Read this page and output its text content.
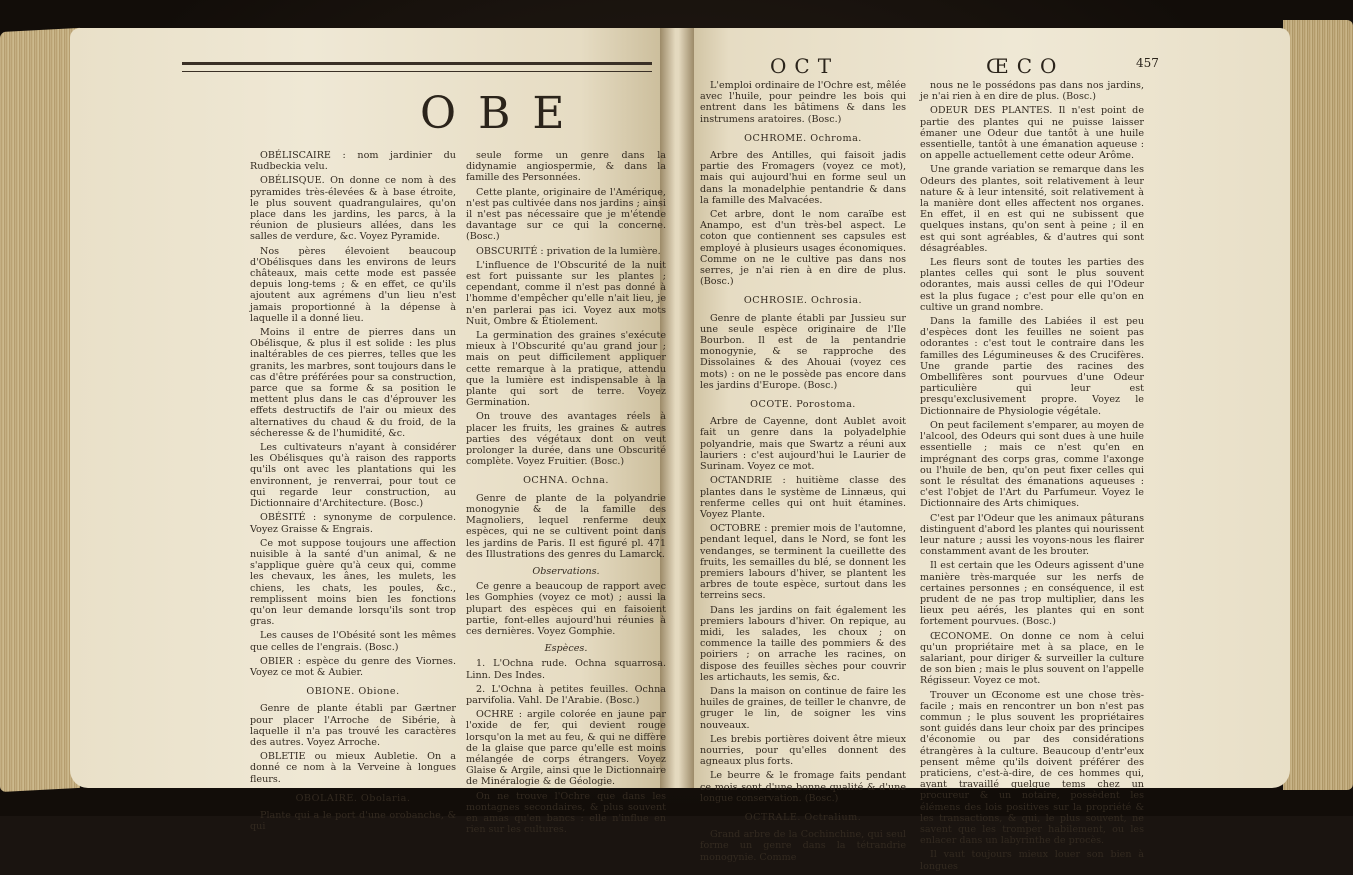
OBE

OBÉLISCAIRE : nom jardinier du Rudbeckia velu.

OBÉLISQUE. On donne ce nom à des pyramides très-élevées & à base étroite, le plus souvent quadrangulaires, qu'on place dans les jardins, les parcs, à la réunion de plusieurs allées, dans les salles de verdure, &c. Voyez Pyramide.

Nos pères élevoient beaucoup d'Obélisques dans les environs de leurs châteaux, mais cette mode est passée depuis long-tems ; & en effet, ce qu'ils ajoutent aux agrémens d'un lieu n'est jamais proportionné à la dépense à laquelle il a donné lieu.

Moins il entre de pierres dans un Obélisque, & plus il est solide : les plus inaltérables de ces pierres, telles que les granits, les marbres, sont toujours dans le cas d'être préférées pour sa construction, parce que sa forme & sa position le mettent plus dans le cas d'éprouver les effets destructifs de l'air ou mieux des alternatives du chaud & du froid, de la sécheresse & de l'humidité, &c.

Les cultivateurs n'ayant à considérer les Obélisques qu'à raison des rapports qu'ils ont avec les plantations qui les environnent, je renverrai, pour tout ce qui regarde leur construction, au Dictionnaire d'Architecture. (Bosc.)

OBÉSITÉ : synonyme de corpulence. Voyez Graisse & Engrais.

Ce mot suppose toujours une affection nuisible à la santé d'un animal, & ne s'applique guère qu'à ceux qui, comme les chevaux, les ânes, les mulets, les chiens, les chats, les poules, &c., remplissent moins bien les fonctions qu'on leur demande lorsqu'ils sont trop gras.

Les causes de l'Obésité sont les mêmes que celles de l'engrais. (Bosc.)

OBIER : espèce du genre des Viornes. Voyez ce mot & Aubier.

OBIONE. Obione.

Genre de plante établi par Gærtner pour placer l'Arroche de Sibérie, à laquelle il n'a pas trouvé les caractères des autres. Voyez Arroche.

OBLETIE ou mieux Aubletie. On a donné ce nom à la Verveine à longues fleurs.

OBOLAIRE. Obolaria.

Plante qui a le port d'une orobanche, & qui

seule forme un genre dans la didynamie angiospermie, & dans la famille des Personnées.

Cette plante, originaire de l'Amérique, n'est pas cultivée dans nos jardins ; ainsi il n'est pas nécessaire que je m'étende davantage sur ce qui la concerne. (Bosc.)

OBSCURITÉ : privation de la lumière.

L'influence de l'Obscurité de la nuit est fort puissante sur les plantes ; cependant, comme il n'est pas donné à l'homme d'empêcher qu'elle n'ait lieu, je n'en parlerai pas ici. Voyez aux mots Nuit, Ombre & Étiolement.

La germination des graines s'exécute mieux à l'Obscurité qu'au grand jour ; mais on peut difficilement appliquer cette remarque à la pratique, attendu que la lumière est indispensable à la plante qui sort de terre. Voyez Germination.

On trouve des avantages réels à placer les fruits, les graines & autres parties des végétaux dont on veut prolonger la durée, dans une Obscurité complète. Voyez Fruitier. (Bosc.)

OCHNA. Ochna.

Genre de plante de la polyandrie monogynie & de la famille des Magnoliers, lequel renferme deux espèces, qui ne se cultivent point dans les jardins de Paris. Il est figuré pl. 471 des Illustrations des genres du Lamarck.

Observations.

Ce genre a beaucoup de rapport avec les Gomphies (voyez ce mot) ; aussi la plupart des espèces qui en faisoient partie, font-elles aujourd'hui réunies à ces dernières. Voyez Gomphie.

Espèces.

1. L'Ochna rude. Ochna squarrosa. Linn. Des Indes.

2. L'Ochna à petites feuilles. Ochna parvifolia. Vahl. De l'Arabie. (Bosc.)

OCHRE : argile colorée en jaune par l'oxide de fer, qui devient rouge lorsqu'on la met au feu, & qui ne diffère de la glaise que parce qu'elle est moins mélangée de corps étrangers. Voyez Glaise & Argile, ainsi que le Dictionnaire de Minéralogie & de Géologie.

On ne trouve l'Ochre que dans les montagnes secondaires, & plus souvent en amas qu'en bancs : elle n'influe en rien sur les cultures.

OCT	ŒCO	457

L'emploi ordinaire de l'Ochre est, mêlée avec l'huile, pour peindre les bois qui entrent dans les bâtimens & dans les instrumens aratoires. (Bosc.)

OCHROME. Ochroma.

Arbre des Antilles, qui faisoit jadis partie des Fromagers (voyez ce mot), mais qui aujourd'hui en forme seul un dans la monadelphie pentandrie & dans la famille des Malvacées.

Cet arbre, dont le nom caraïbe est Anampo, est d'un très-bel aspect. Le coton que contiennent ses capsules est employé à plusieurs usages économiques. Comme on ne le cultive pas dans nos serres, je n'ai rien à en dire de plus. (Bosc.)

OCHROSIE. Ochrosia.

Genre de plante établi par Jussieu sur une seule espèce originaire de l'Ile Bourbon. Il est de la pentandrie monogynie, & se rapproche des Dissolaines & des Ahouai (voyez ces mots) : on ne le possède pas encore dans les jardins d'Europe. (Bosc.)

OCOTE. Porostoma.

Arbre de Cayenne, dont Aublet avoit fait un genre dans la polyadelphie polyandrie, mais que Swartz a réuni aux lauriers : c'est aujourd'hui le Laurier de Surinam. Voyez ce mot.

OCTANDRIE : huitième classe des plantes dans le système de Linnæus, qui renferme celles qui ont huit étamines. Voyez Plante.

OCTOBRE : premier mois de l'automne, pendant lequel, dans le Nord, se font les vendanges, se terminent la cueillette des fruits, les semailles du blé, se donnent les premiers labours d'hiver, se plantent les arbres de toute espèce, surtout dans les terreins secs.

Dans les jardins on fait également les premiers labours d'hiver. On repique, au midi, les salades, les choux ; on commence la taille des pommiers & des poiriers ; on arrache les racines, on dispose des feuilles sèches pour couvrir les artichauts, les semis, &c.

Dans la maison on continue de faire les huiles de graines, de teiller le chanvre, de gruger le lin, de soigner les vins nouveaux.

Les brebis portières doivent être mieux nourries, pour qu'elles donnent des agneaux plus forts.

Le beurre & le fromage faits pendant ce mois sont d'une bonne qualité & d'une longue conservation. (Bosc.)

OCTRALE. Octralium.

Grand arbre de la Cochinchine, qui seul forme un genre dans la tétrandrie monogynie. Comme

nous ne le possédons pas dans nos jardins, je n'ai rien à en dire de plus. (Bosc.)

ODEUR DES PLANTES. Il n'est point de partie des plantes qui ne puisse laisser émaner une Odeur due tantôt à une huile essentielle, tantôt à une émanation aqueuse : on appelle actuellement cette odeur Arôme.

Une grande variation se remarque dans les Odeurs des plantes, soit relativement à leur nature & à leur intensité, soit relativement à la manière dont elles affectent nos organes. En effet, il en est qui ne subissent que quelques instans, qu'on sent à peine ; il en est qui sont agréables, & d'autres qui sont désagréables.

Les fleurs sont de toutes les parties des plantes celles qui sont le plus souvent odorantes, mais aussi celles de qui l'Odeur est la plus fugace ; c'est pour elle qu'on en cultive un grand nombre.

Dans la famille des Labiées il est peu d'espèces dont les feuilles ne soient pas odorantes : c'est tout le contraire dans les familles des Légumineuses & des Crucifères. Une grande partie des racines des Ombellifères sont pourvues d'une Odeur particulière qui leur est presqu'exclusivement propre. Voyez le Dictionnaire de Physiologie végétale.

On peut facilement s'emparer, au moyen de l'alcool, des Odeurs qui sont dues à une huile essentielle ; mais ce n'est qu'en en imprégnant des corps gras, comme l'axonge ou l'huile de ben, qu'on peut fixer celles qui sont le résultat des émanations aqueuses : c'est l'objet de l'Art du Parfumeur. Voyez le Dictionnaire des Arts chimiques.

C'est par l'Odeur que les animaux pâturans distinguent d'abord les plantes qui nourissent leur nature ; aussi les voyons-nous les flairer constamment avant de les brouter.

Il est certain que les Odeurs agissent d'une manière très-marquée sur les nerfs de certaines personnes ; en conséquence, il est prudent de ne pas trop multiplier, dans les lieux peu aérés, les plantes qui en sont fortement pourvues. (Bosc.)

ŒCONOME. On donne ce nom à celui qu'un propriétaire met à sa place, en le salariant, pour diriger & surveiller la culture de son bien ; mais le plus souvent on l'appelle Régisseur. Voyez ce mot.

Trouver un Œconome est une chose très-facile ; mais en rencontrer un bon n'est pas commun ; le plus souvent les propriétaires sont guidés dans leur choix par des principes d'économie ou par des considérations étrangères à la culture. Beaucoup d'entr'eux pensent même qu'ils doivent préférer des praticiens, c'est-à-dire, de ces hommes qui, ayant travaillé quelque tems chez un procureur & un notaire, possèdent les élémens des lois positives sur la propriété & les transactions, & qui, le plus souvent, ne savent que les tromper habilement, ou les enlacer dans un labyrinthe de procès.

Il vaut toujours mieux louer son bien à longues
